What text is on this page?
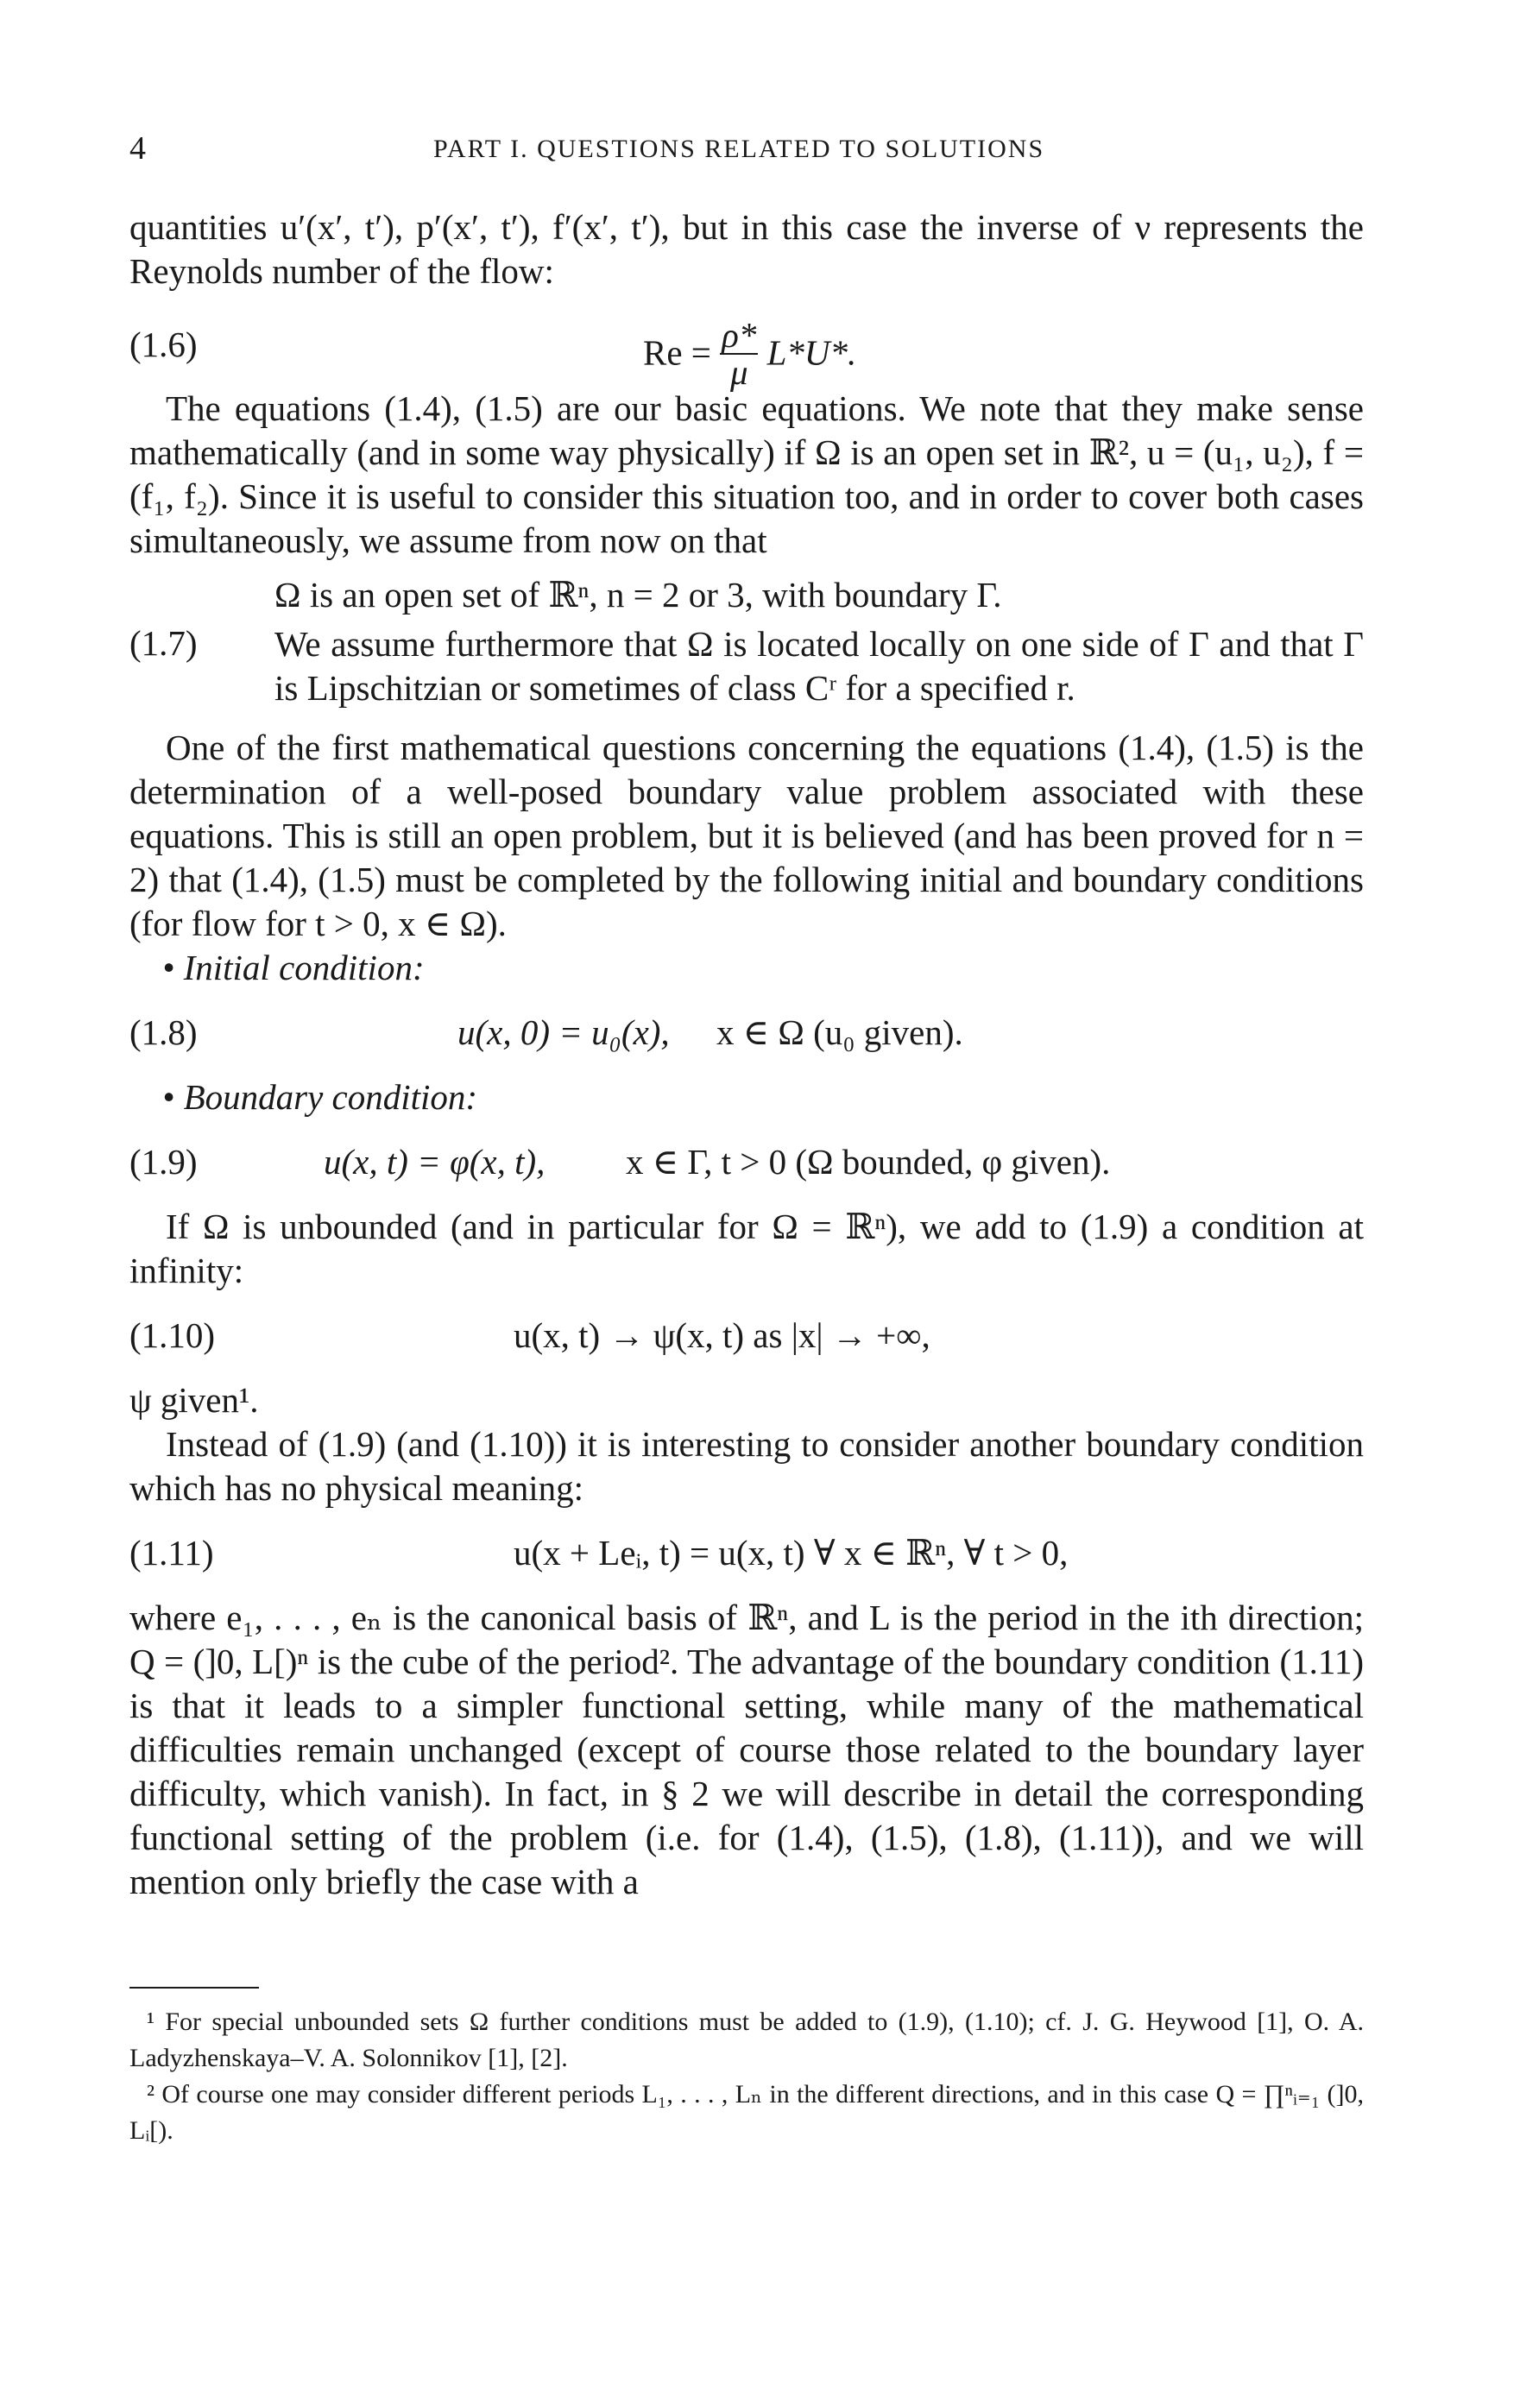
4	PART I. QUESTIONS RELATED TO SOLUTIONS

quantities u′(x′, t′), p′(x′, t′), f′(x′, t′), but in this case the inverse of ν represents the Reynolds number of the flow:

(1.6)	$Re = \frac{\rho*}{\mu} L*U*$.

The equations (1.4), (1.5) are our basic equations. We note that they make sense mathematically (and in some way physically) if Ω is an open set in ℝ², u = (u₁, u₂), f = (f₁, f₂). Since it is useful to consider this situation too, and in order to cover both cases simultaneously, we assume from now on that

(1.7)

Ω is an open set of ℝⁿ, n = 2 or 3, with boundary Γ.

We assume furthermore that Ω is located locally on one side of Γ and that Γ is Lipschitzian or sometimes of class Cʳ for a specified r.

One of the first mathematical questions concerning the equations (1.4), (1.5) is the determination of a well-posed boundary value problem associated with these equations. This is still an open problem, but it is believed (and has been proved for n = 2) that (1.4), (1.5) must be completed by the following initial and boundary conditions (for flow for t > 0, x ∈ Ω).

• Initial condition:
(1.8)	u(x, 0) = u₀(x), x ∈ Ω (u₀ given).
• Boundary condition:
(1.9)	u(x, t) = φ(x, t), x ∈ Γ, t > 0 (Ω bounded, φ given).

If Ω is unbounded (and in particular for Ω = ℝⁿ), we add to (1.9) a condition at infinity:

(1.10)	u(x, t) → ψ(x, t) as |x| → +∞,

ψ given¹.

Instead of (1.9) (and (1.10)) it is interesting to consider another boundary condition which has no physical meaning:

(1.11)	u(x + Leᵢ, t) = u(x, t) ∀ x ∈ ℝⁿ, ∀ t > 0,

where e₁, . . . , eₙ is the canonical basis of ℝⁿ, and L is the period in the ith direction; Q = (]0, L[)ⁿ is the cube of the period². The advantage of the boundary condition (1.11) is that it leads to a simpler functional setting, while many of the mathematical difficulties remain unchanged (except of course those related to the boundary layer difficulty, which vanish). In fact, in § 2 we will describe in detail the corresponding functional setting of the problem (i.e. for (1.4), (1.5), (1.8), (1.11)), and we will mention only briefly the case with a

¹ For special unbounded sets Ω further conditions must be added to (1.9), (1.10); cf. J. G. Heywood [1], O. A. Ladyzhenskaya–V. A. Solonnikov [1], [2].

² Of course one may consider different periods L₁, . . . , Lₙ in the different directions, and in this case Q = ∏ⁿᵢ₌₁ (]0, Lᵢ[).
